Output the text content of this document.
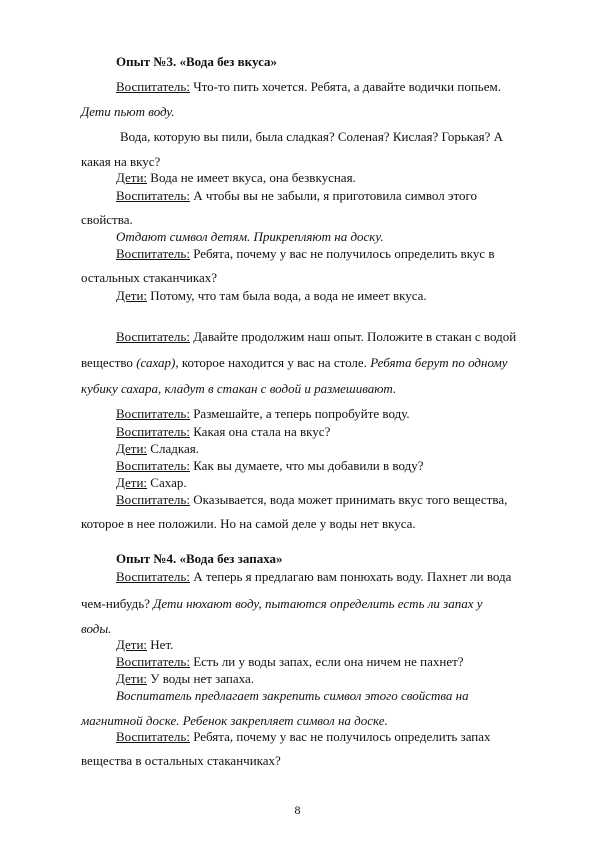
Опыт №3. «Вода без вкуса»
Воспитатель: Что-то пить хочется. Ребята, а давайте водички попьем.
Дети пьют воду.
Вода, которую вы пили, была сладкая? Соленая? Кислая? Горькая? А
какая на вкус?
Дети: Вода не имеет вкуса, она безвкусная.
Воспитатель: А чтобы вы не забыли, я приготовила символ этого
свойства.
Отдают символ детям. Прикрепляют на доску.
Воспитатель: Ребята, почему у вас не получилось определить вкус в
остальных стаканчиках?
Дети: Потому, что там была вода, а вода не имеет вкуса.
Воспитатель: Давайте продолжим наш опыт. Положите в стакан с водой
вещество (сахар), которое находится у вас на столе. Ребята берут по одному
кубику сахара, кладут в стакан с водой и размешивают.
Воспитатель: Размешайте, а теперь попробуйте воду.
Воспитатель: Какая она стала на вкус?
Дети: Сладкая.
Воспитатель: Как вы думаете, что мы добавили в воду?
Дети: Сахар.
Воспитатель: Оказывается, вода может принимать вкус того вещества,
которое в нее положили. Но на самой деле у воды нет вкуса.
Опыт №4. «Вода без запаха»
Воспитатель: А теперь я предлагаю вам понюхать воду. Пахнет ли вода
чем-нибудь? Дети нюхают воду, пытаются определить есть ли запах у
воды.
Дети: Нет.
Воспитатель: Есть ли у воды запах, если она ничем не пахнет?
Дети: У воды нет запаха.
Воспитатель предлагает закрепить символ этого свойства на
магнитной доске. Ребенок закрепляет символ на доске.
Воспитатель: Ребята, почему у вас не получилось определить запах
вещества в остальных стаканчиках?
8
